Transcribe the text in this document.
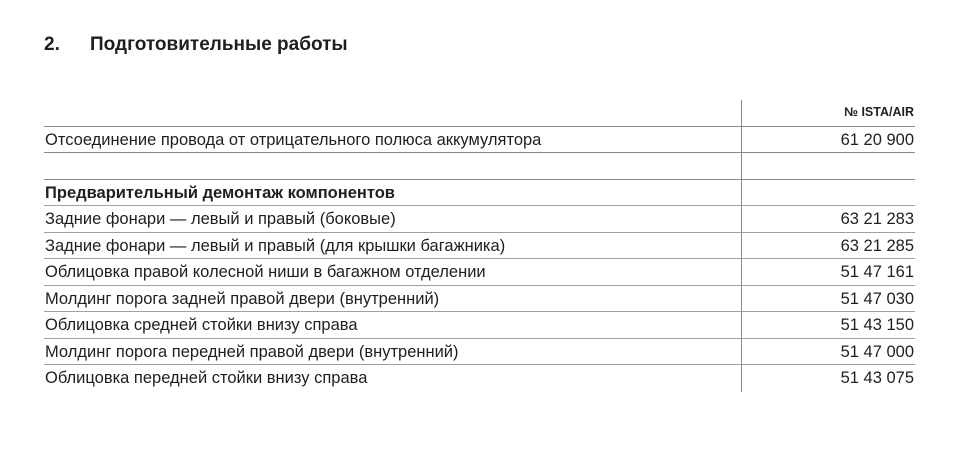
2.	Подготовительные работы
№ ISTA/AIR
Отсоединение провода от отрицательного полюса аккумулятора	61 20 900
Предварительный демонтаж компонентов
Задние фонари — левый и правый (боковые)	63 21 283
Задние фонари — левый и правый (для крышки багажника)	63 21 285
Облицовка правой колесной ниши в багажном отделении	51 47 161
Молдинг порога задней правой двери (внутренний)	51 47 030
Облицовка средней стойки внизу справа	51 43 150
Молдинг порога передней правой двери (внутренний)	51 47 000
Облицовка передней стойки внизу справа	51 43 075
